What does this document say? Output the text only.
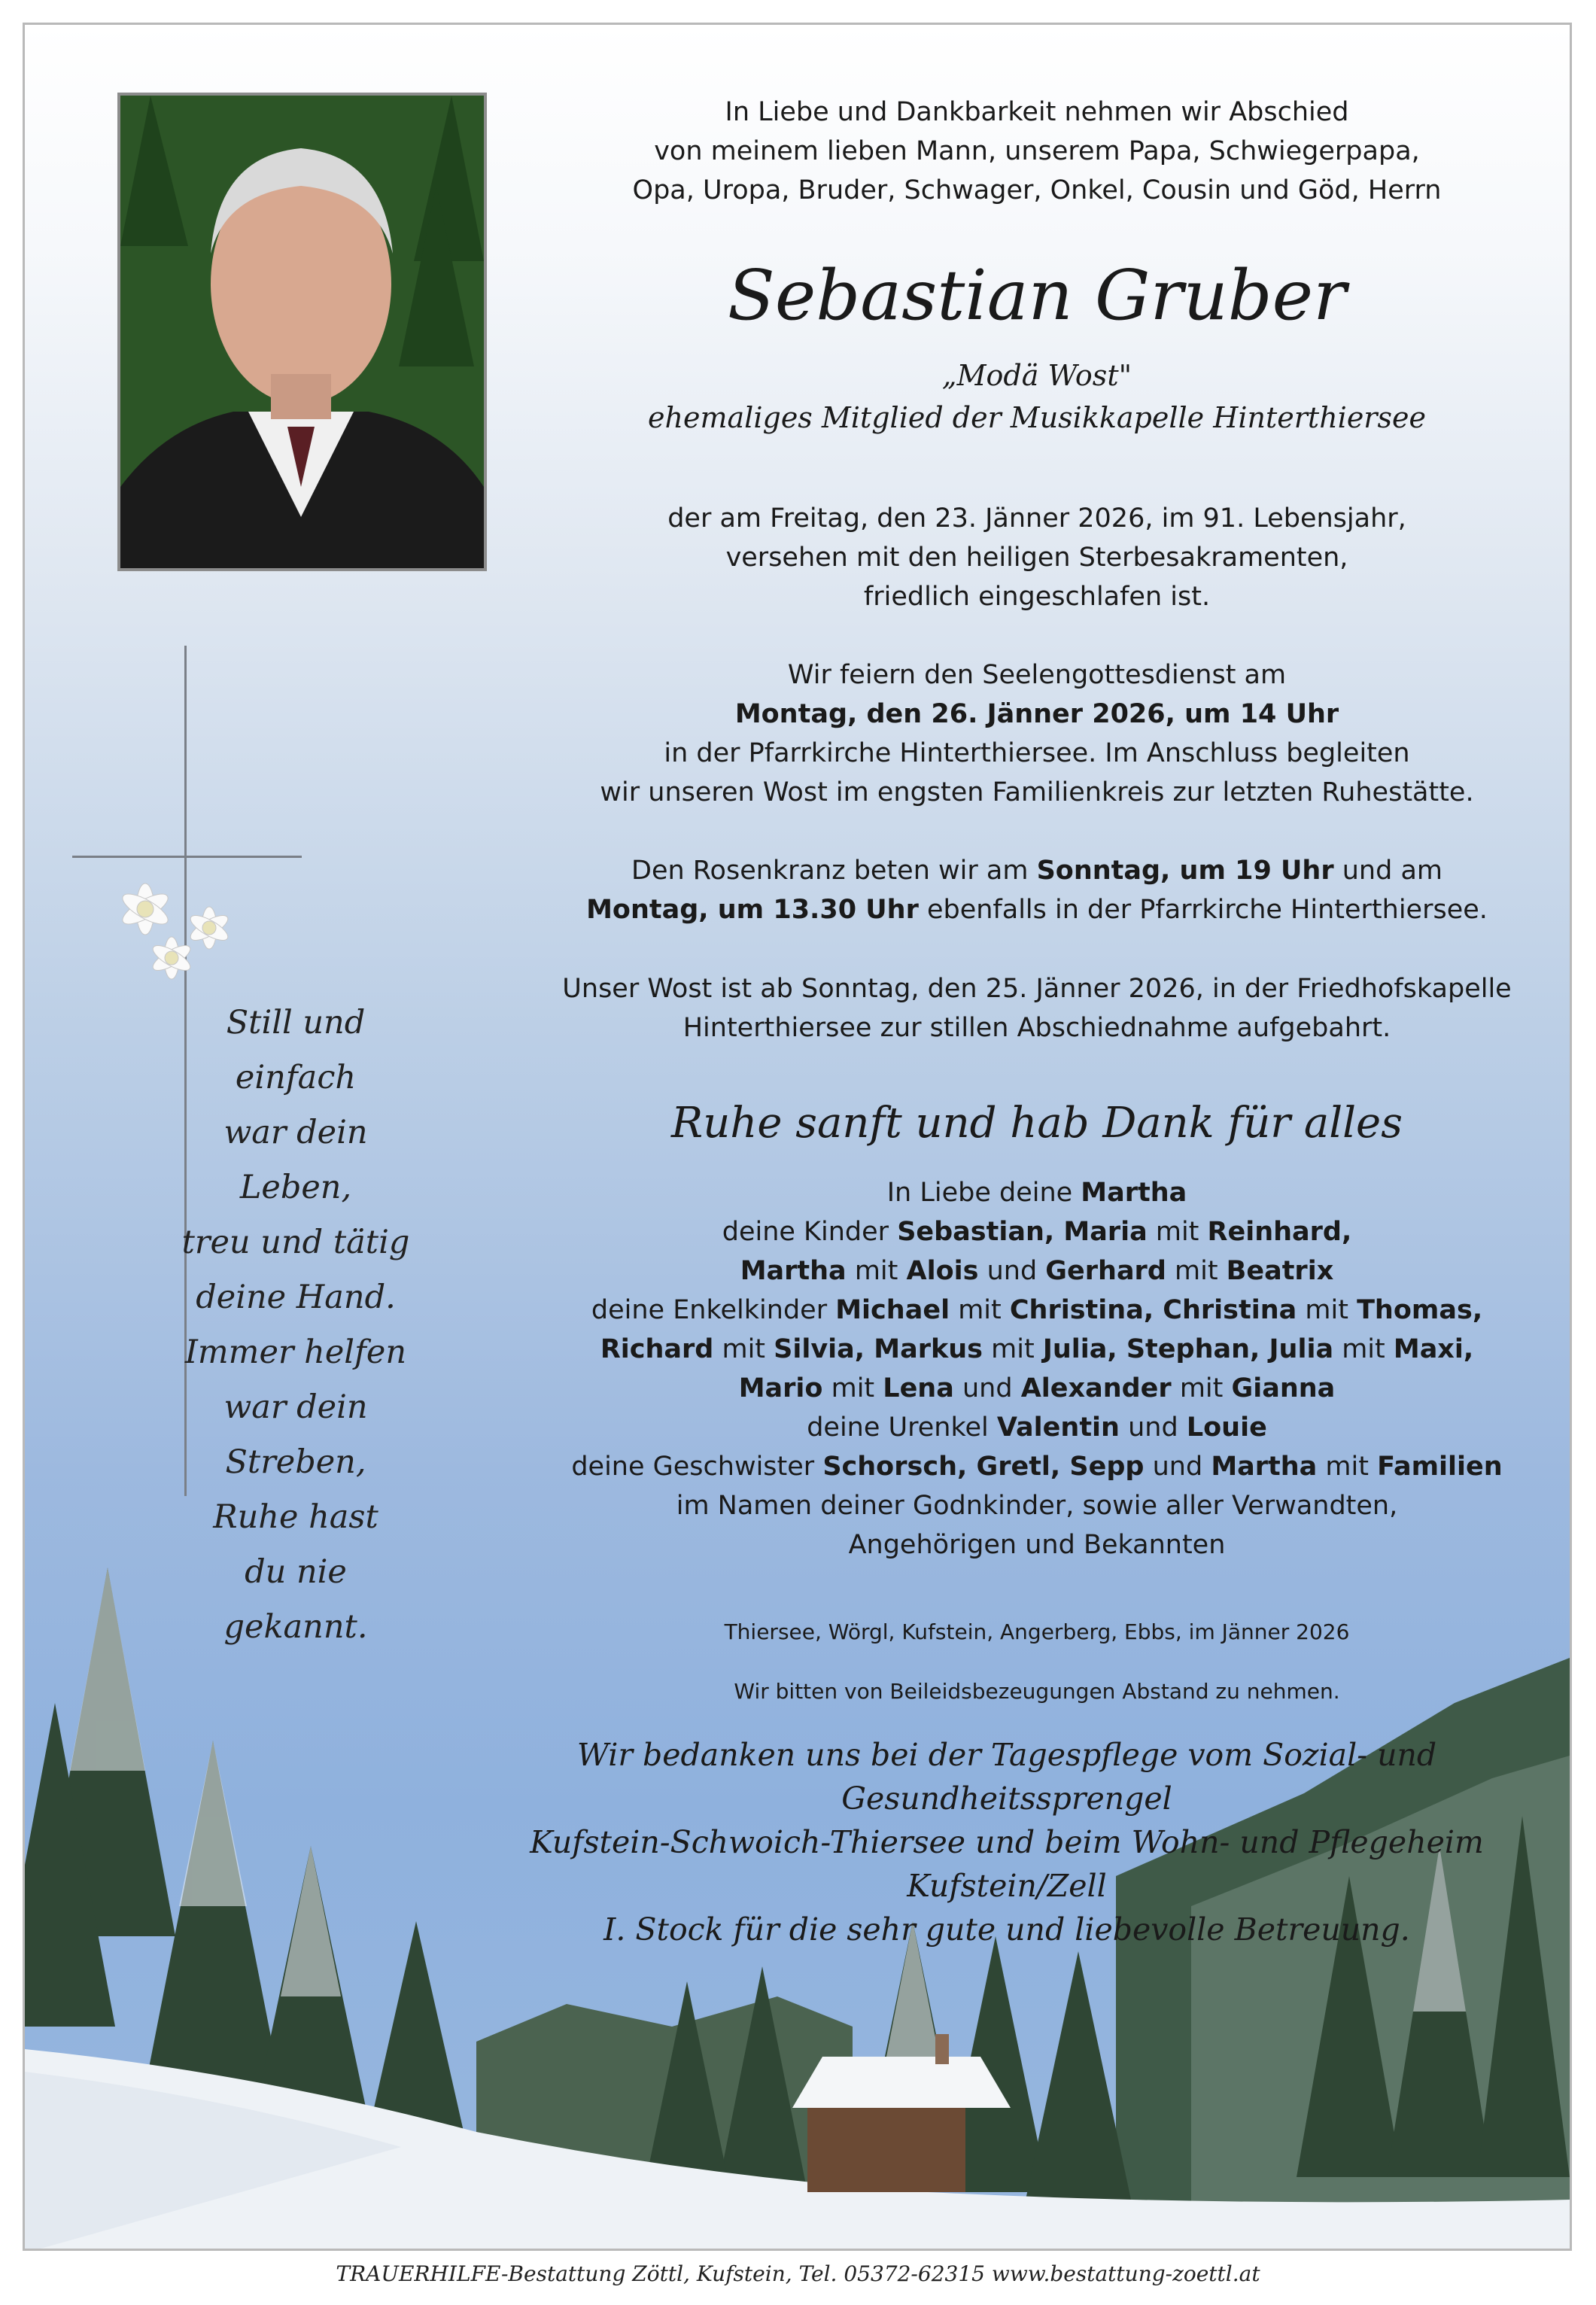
Still und einfach
war dein Leben,
treu und tätig
deine Hand.
Immer helfen
war dein Streben,
Ruhe hast
du nie gekannt.
In Liebe und Dankbarkeit nehmen wir Abschied
von meinem lieben Mann, unserem Papa, Schwiegerpapa,
Opa, Uropa, Bruder, Schwager, Onkel, Cousin und Göd, Herrn
Sebastian Gruber
„Modä Wost"
ehemaliges Mitglied der Musikkapelle Hinterthiersee
der am Freitag, den 23. Jänner 2026, im 91. Lebensjahr,
versehen mit den heiligen Sterbesakramenten,
friedlich eingeschlafen ist.
Wir feiern den Seelengottesdienst am
Montag, den 26. Jänner 2026, um 14 Uhr
in der Pfarrkirche Hinterthiersee. Im Anschluss begleiten
wir unseren Wost im engsten Familienkreis zur letzten Ruhestätte.
Den Rosenkranz beten wir am Sonntag, um 19 Uhr und am
Montag, um 13.30 Uhr ebenfalls in der Pfarrkirche Hinterthiersee.
Unser Wost ist ab Sonntag, den 25. Jänner 2026, in der Friedhofskapelle
Hinterthiersee zur stillen Abschiednahme aufgebahrt.
Ruhe sanft und hab Dank für alles
In Liebe deine Martha
deine Kinder Sebastian, Maria mit Reinhard,
Martha mit Alois und Gerhard mit Beatrix
deine Enkelkinder Michael mit Christina, Christina mit Thomas,
Richard mit Silvia, Markus mit Julia, Stephan, Julia mit Maxi,
Mario mit Lena und Alexander mit Gianna
deine Urenkel Valentin und Louie
deine Geschwister Schorsch, Gretl, Sepp und Martha mit Familien
im Namen deiner Godnkinder, sowie aller Verwandten,
Angehörigen und Bekannten
Thiersee, Wörgl, Kufstein, Angerberg, Ebbs, im Jänner 2026
Wir bitten von Beileidsbezeugungen Abstand zu nehmen.
Wir bedanken uns bei der Tagespflege vom Sozial- und Gesundheitssprengel
Kufstein-Schwoich-Thiersee und beim Wohn- und Pflegeheim Kufstein/Zell
I. Stock für die sehr gute und liebevolle Betreuung.
TRAUERHILFE-Bestattung Zöttl, Kufstein, Tel. 05372-62315 www.bestattung-zoettl.at
